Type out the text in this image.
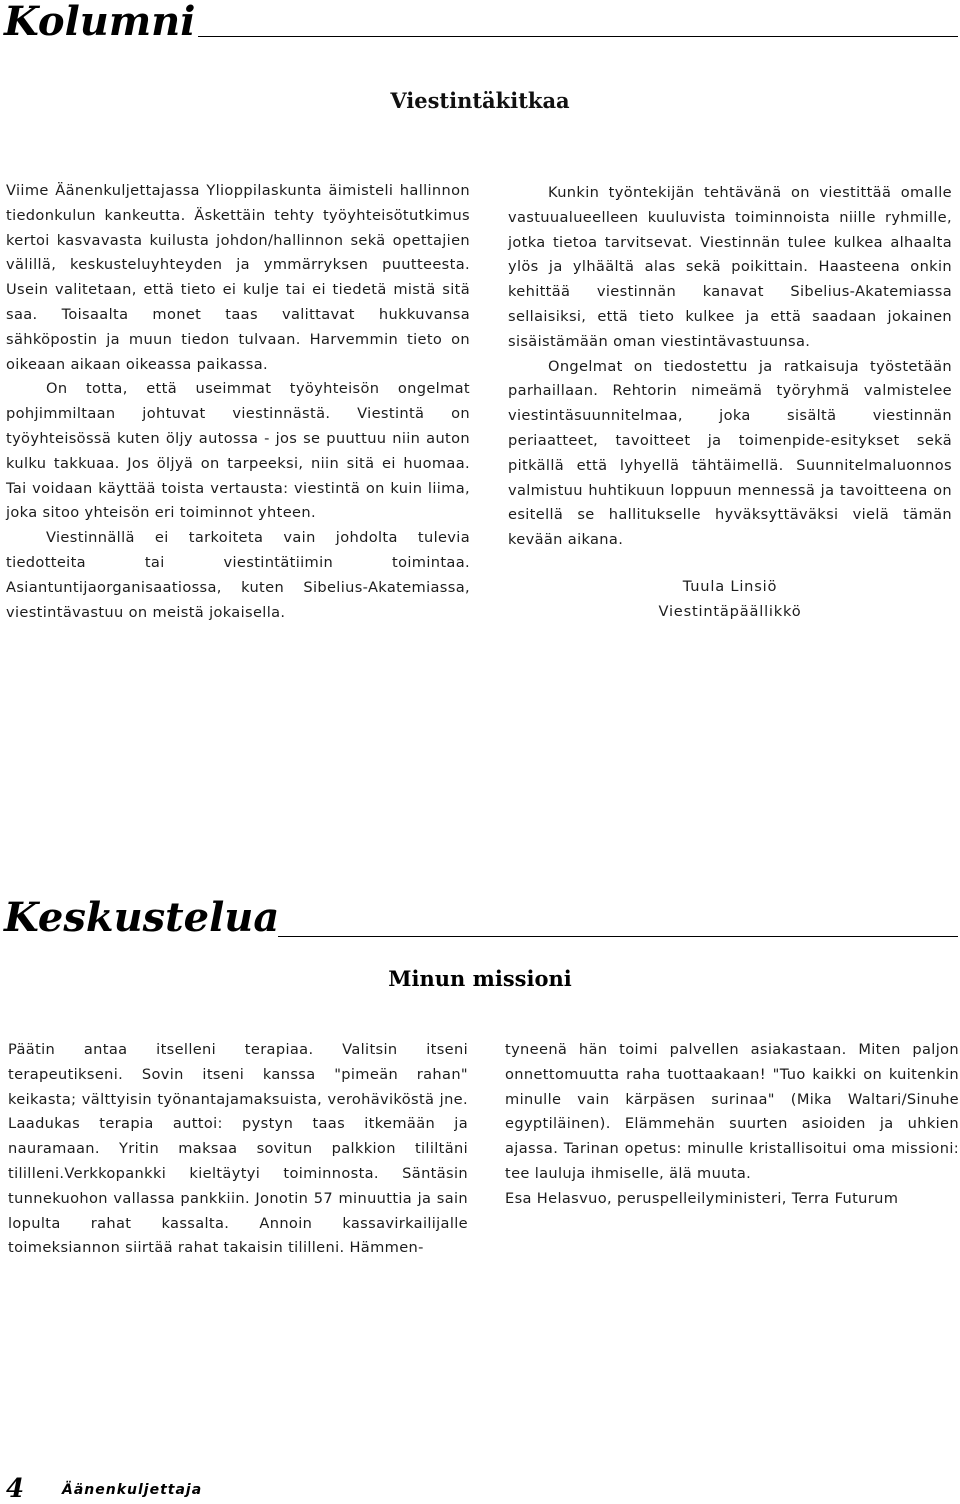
Kolumni
Viestintäkitkaa

Viime Äänenkuljettajassa Ylioppilaskunta äimisteli hallinnon tiedonkulun kankeutta. Äskettäin tehty työyhteisötutkimus kertoi kasvavasta kuilusta johdon/hallinnon sekä opettajien välillä, keskusteluyhteyden ja ymmärryksen puutteesta. Usein valitetaan, että tieto ei kulje tai ei tiedetä mistä sitä saa. Toisaalta monet taas valittavat hukkuvansa sähköpostin ja muun tiedon tulvaan. Harvemmin tieto on oikeaan aikaan oikeassa paikassa.

On totta, että useimmat työyhteisön ongelmat pohjimmiltaan johtuvat viestinnästä. Viestintä on työyhteisössä kuten öljy autossa - jos se puuttuu niin auton kulku takkuaa. Jos öljyä on tarpeeksi, niin sitä ei huomaa. Tai voidaan käyttää toista vertausta: viestintä on kuin liima, joka sitoo yhteisön eri toiminnot yhteen.

Viestinnällä ei tarkoiteta vain johdolta tulevia tiedotteita tai viestintätiimin toimintaa. Asiantuntijaorganisaatiossa, kuten Sibelius-Akatemiassa, viestintävastuu on meistä jokaisella.

Kunkin työntekijän tehtävänä on viestittää omalle vastuualueelleen kuuluvista toiminnoista niille ryhmille, jotka tietoa tarvitsevat. Viestinnän tulee kulkea alhaalta ylös ja ylhäältä alas sekä poikittain. Haasteena onkin kehittää viestinnän kanavat Sibelius-Akatemiassa sellaisiksi, että tieto kulkee ja että saadaan jokainen sisäistämään oman viestintävastuunsa.

Ongelmat on tiedostettu ja ratkaisuja työstetään parhaillaan. Rehtorin nimeämä työryhmä valmistelee viestintäsuunnitelmaa, joka sisältä viestinnän periaatteet, tavoitteet ja toimenpide-esitykset sekä pitkällä että lyhyellä tähtäimellä. Suunnitelmaluonnos valmistuu huhtikuun loppuun mennessä ja tavoitteena on esitellä se hallitukselle hyväksyttäväksi vielä tämän kevään aikana.

Tuula Linsiö

Viestintäpäällikkö

Keskustelua
Minun missioni

Päätin antaa itselleni terapiaa. Valitsin itseni terapeutikseni. Sovin itseni kanssa "pimeän rahan" keikasta; välttyisin työnantajamaksuista, verohäviköstä jne. Laadukas terapia auttoi: pystyn taas itkemään ja nauramaan. Yritin maksaa sovitun palkkion tililtäni tililleni.Verkkopankki kieltäytyi toiminnosta. Säntäsin tunnekuohon vallassa pankkiin. Jonotin 57 minuuttia ja sain lopulta rahat kassalta. Annoin kassavirkailijalle toimeksiannon siirtää rahat takaisin tililleni. Hämmen-

tyneenä hän toimi palvellen asiakastaan. Miten paljon onnettomuutta raha tuottaakaan! "Tuo kaikki on kuitenkin minulle vain kärpäsen surinaa" (Mika Waltari/Sinuhe egyptiläinen). Elämmehän suurten asioiden ja uhkien ajassa. Tarinan opetus: minulle kristallisoitui oma missioni: tee lauluja ihmiselle, älä muuta.

Esa Helasvuo, peruspelleilyministeri, Terra Futurum

4	Äänenkuljettaja
